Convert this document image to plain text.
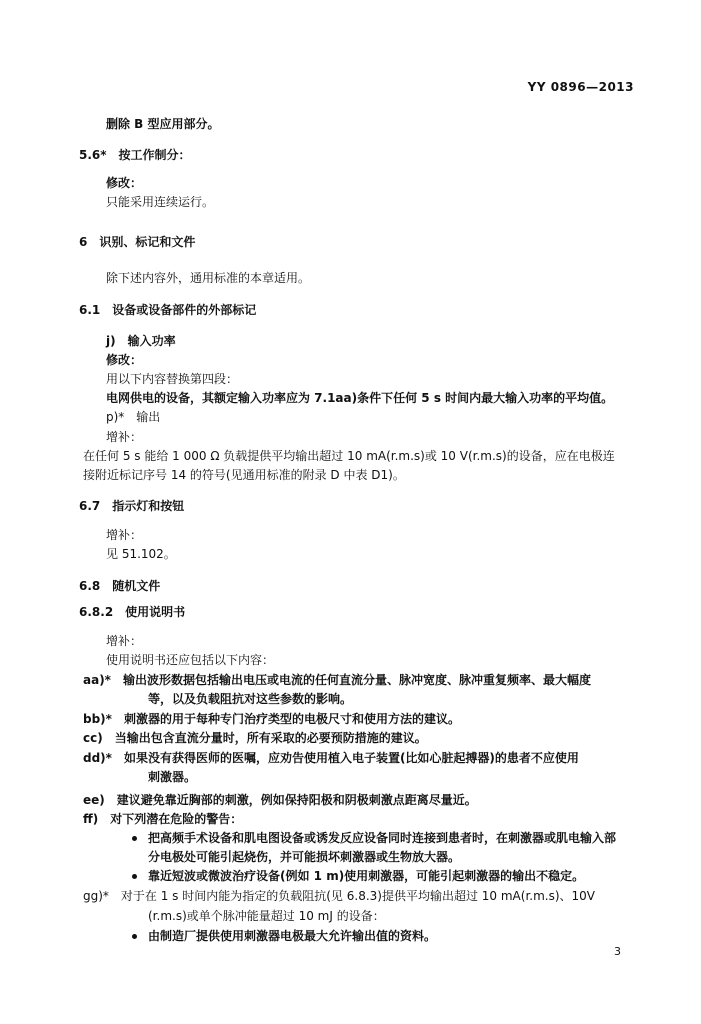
YY 0896—2013
删除 B 型应用部分。
5.6*　按工作制分：
修改：
只能采用连续运行。
6　识别、标记和文件
除下述内容外，通用标准的本章适用。
6.1　设备或设备部件的外部标记
j)　输入功率
修改：
用以下内容替换第四段：
电网供电的设备，其额定输入功率应为 7.1aa)条件下任何 5 s 时间内最大输入功率的平均值。
p)*　输出
增补：
在任何 5 s 能给 1 000 Ω 负载提供平均输出超过 10 mA(r.m.s)或 10 V(r.m.s)的设备，应在电极连
接附近标记序号 14 的符号(见通用标准的附录 D 中表 D1)。
6.7　指示灯和按钮
增补：
见 51.102。
6.8　随机文件
6.8.2　使用说明书
增补：
使用说明书还应包括以下内容：
aa)*　输出波形数据包括输出电压或电流的任何直流分量、脉冲宽度、脉冲重复频率、最大幅度
等，以及负载阻抗对这些参数的影响。
bb)*　刺激器的用于每种专门治疗类型的电极尺寸和使用方法的建议。
cc)　当输出包含直流分量时，所有采取的必要预防措施的建议。
dd)*　如果没有获得医师的医嘱，应劝告使用植入电子装置(比如心脏起搏器)的患者不应使用
刺激器。
ee)　建议避免靠近胸部的刺激，例如保持阳极和阴极刺激点距离尽量近。
ff)　对下列潜在危险的警告：
把高频手术设备和肌电图设备或诱发反应设备同时连接到患者时，在刺激器或肌电输入部
分电极处可能引起烧伤，并可能损坏刺激器或生物放大器。
靠近短波或微波治疗设备(例如 1 m)使用刺激器，可能引起刺激器的输出不稳定。
gg)*　对于在 1 s 时间内能为指定的负载阻抗(见 6.8.3)提供平均输出超过 10 mA(r.m.s)、10V
(r.m.s)或单个脉冲能量超过 10 mJ 的设备：
由制造厂提供使用刺激器电极最大允许输出值的资料。
3
